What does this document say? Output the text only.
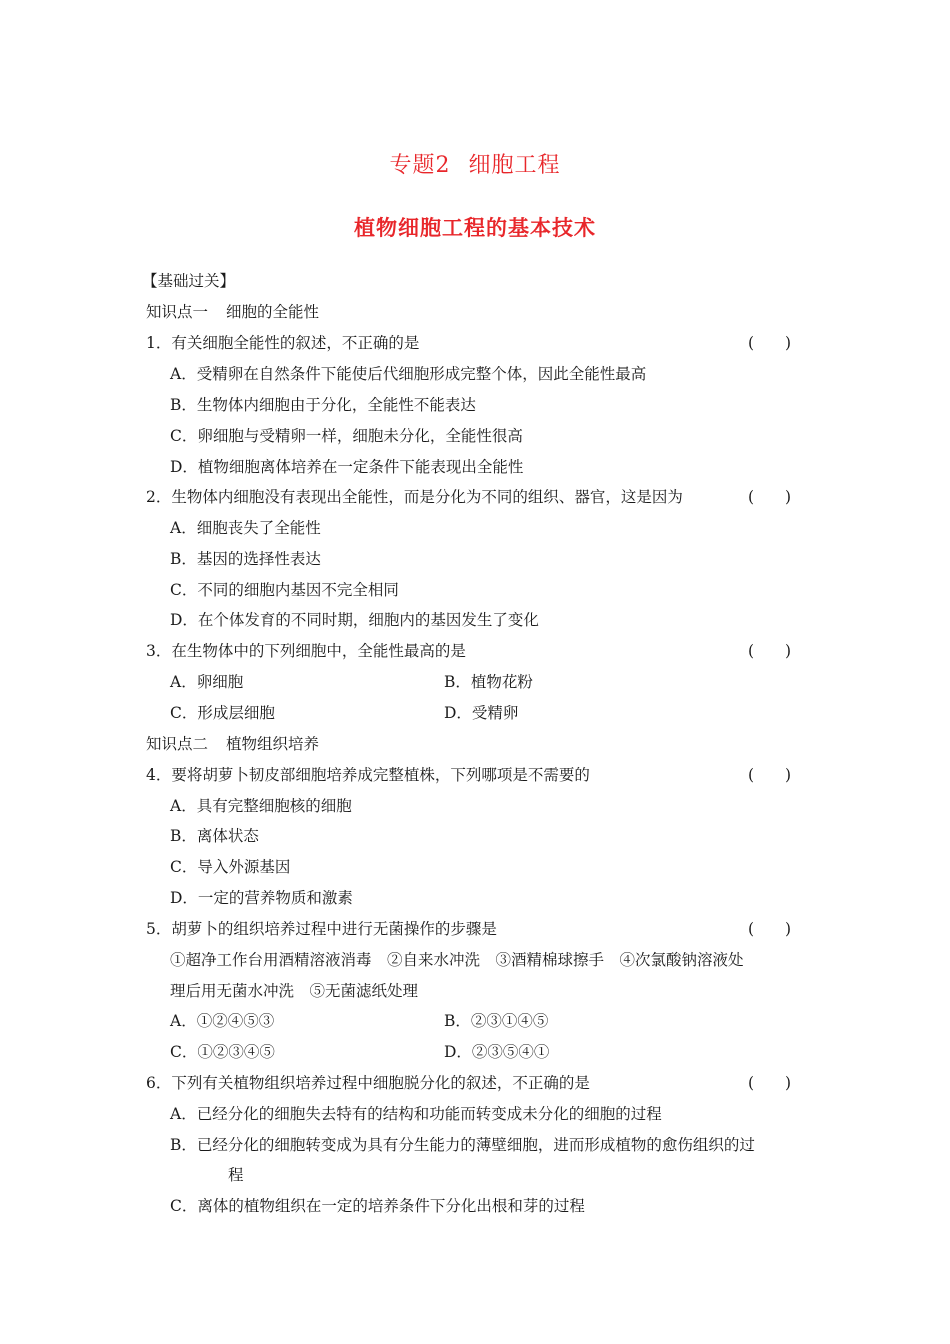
专题2 细胞工程
植物细胞工程的基本技术
【基础过关】
知识点一 细胞的全能性
1．有关细胞全能性的叙述，不正确的是	(　　)
A．受精卵在自然条件下能使后代细胞形成完整个体，因此全能性最高
B．生物体内细胞由于分化，全能性不能表达
C．卵细胞与受精卵一样，细胞未分化，全能性很高
D．植物细胞离体培养在一定条件下能表现出全能性
2．生物体内细胞没有表现出全能性，而是分化为不同的组织、器官，这是因为	(　　)
A．细胞丧失了全能性
B．基因的选择性表达
C．不同的细胞内基因不完全相同
D．在个体发育的不同时期，细胞内的基因发生了变化
3．在生物体中的下列细胞中，全能性最高的是	(　　)
A．卵细胞	B．植物花粉
C．形成层细胞	D．受精卵
知识点二 植物组织培养
4．要将胡萝卜韧皮部细胞培养成完整植株，下列哪项是不需要的	(　　)
A．具有完整细胞核的细胞
B．离体状态
C．导入外源基因
D．一定的营养物质和激素
5．胡萝卜的组织培养过程中进行无菌操作的步骤是	(　　)
①超净工作台用酒精溶液消毒　②自来水冲洗　③酒精棉球擦手　④次氯酸钠溶液处
理后用无菌水冲洗　⑤无菌滤纸处理
A．①②④⑤③	B．②③①④⑤
C．①②③④⑤	D．②③⑤④①
6．下列有关植物组织培养过程中细胞脱分化的叙述，不正确的是	(　　)
A．已经分化的细胞失去特有的结构和功能而转变成未分化的细胞的过程
B．已经分化的细胞转变成为具有分生能力的薄壁细胞，进而形成植物的愈伤组织的过
程
C．离体的植物组织在一定的培养条件下分化出根和芽的过程
